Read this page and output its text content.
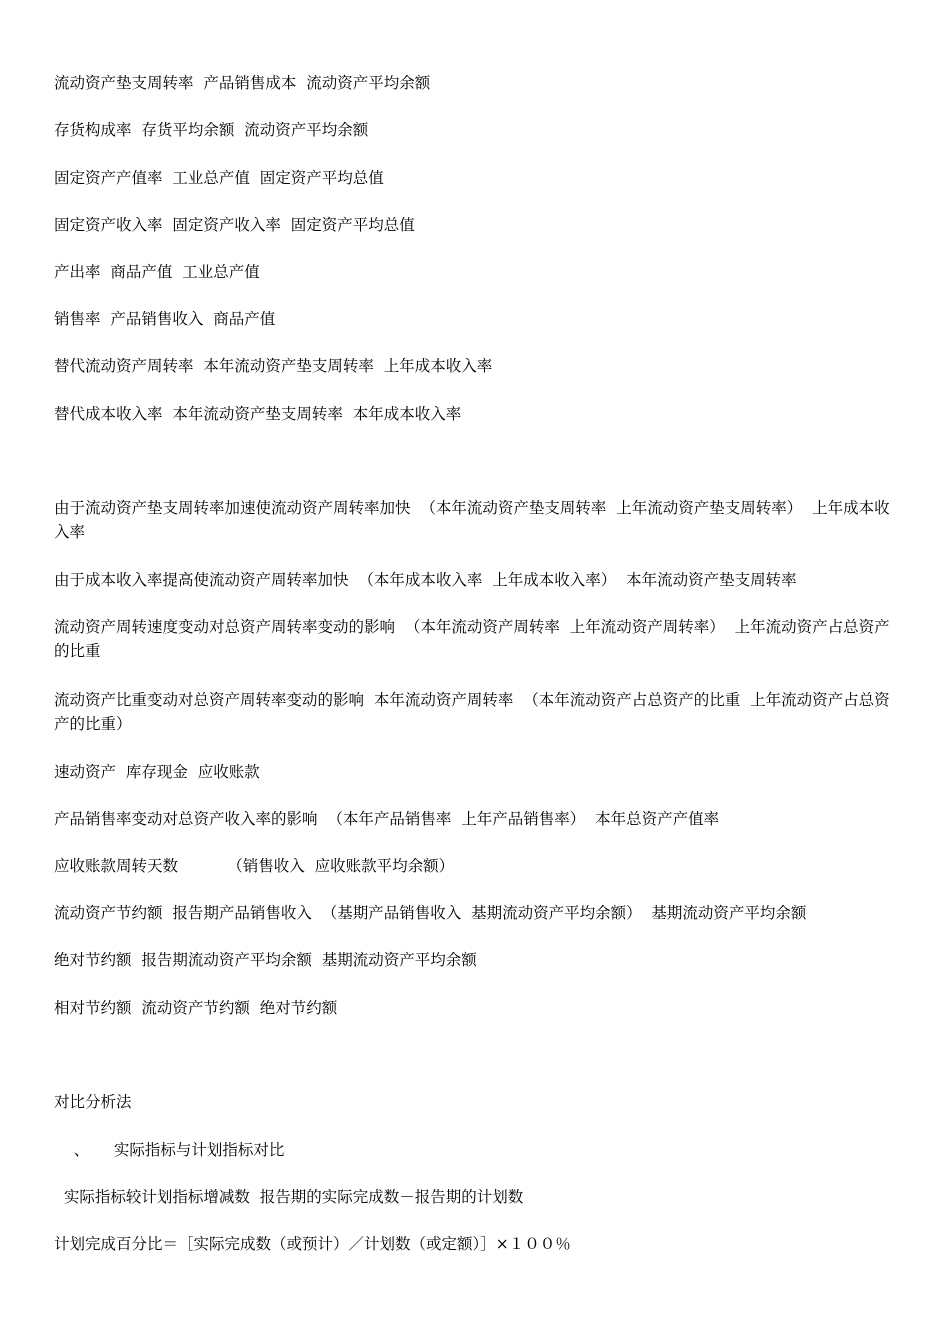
流动资产垫支周转率  产品销售成本  流动资产平均余额
存货构成率  存货平均余额  流动资产平均余额
固定资产产值率  工业总产值  固定资产平均总值
固定资产收入率  固定资产收入率  固定资产平均总值
产出率  商品产值  工业总产值
销售率  产品销售收入  商品产值
替代流动资产周转率  本年流动资产垫支周转率  上年成本收入率
替代成本收入率  本年流动资产垫支周转率  本年成本收入率
由于流动资产垫支周转率加速使流动资产周转率加快  （本年流动资产垫支周转率  上年流动资产垫支周转率）  上年成本收入率
由于成本收入率提高使流动资产周转率加快  （本年成本收入率  上年成本收入率）  本年流动资产垫支周转率
流动资产周转速度变动对总资产周转率变动的影响  （本年流动资产周转率  上年流动资产周转率）  上年流动资产占总资产的比重
流动资产比重变动对总资产周转率变动的影响  本年流动资产周转率  （本年流动资产占总资产的比重  上年流动资产占总资产的比重）
速动资产  库存现金  应收账款
产品销售率变动对总资产收入率的影响  （本年产品销售率  上年产品销售率）  本年总资产产值率
应收账款周转天数          （销售收入  应收账款平均余额）
流动资产节约额  报告期产品销售收入  （基期产品销售收入  基期流动资产平均余额）  基期流动资产平均余额
绝对节约额  报告期流动资产平均余额  基期流动资产平均余额
相对节约额  流动资产节约额  绝对节约额
对比分析法
、     实际指标与计划指标对比
实际指标较计划指标增减数  报告期的实际完成数－报告期的计划数
计划完成百分比＝［实际完成数（或预计）／计划数（或定额）］×１００％
